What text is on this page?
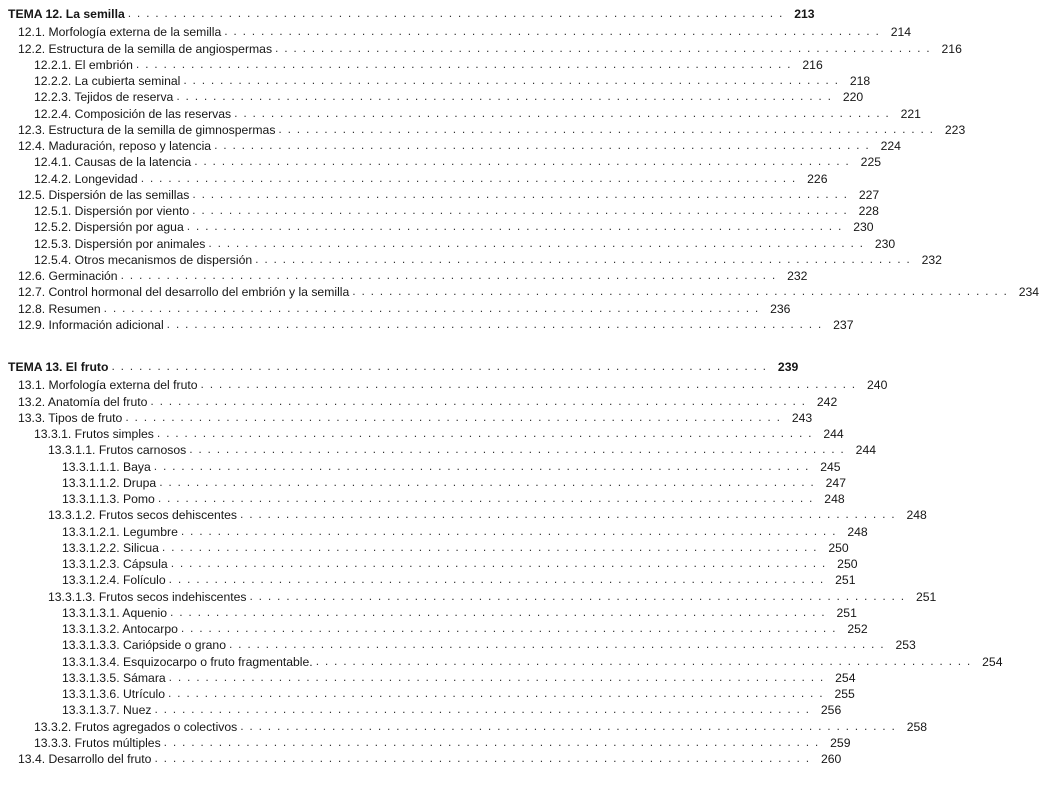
TEMA 12. La semilla . . . . . . . . . . . . . . . . . . . . . . . . . . . . . . . . . . . . . . . . . . . . . . . . . . . . . . . . . . . . . . . . . . . . . . . . 213
12.1. Morfología externa de la semilla . . . . . . . . . . . . . . . . . . . . . . . . . . . . . . . . . . . . . . . . . . . . . . . . . . . . . . . . . . . . . . . . . . . . . . . . 214
12.2. Estructura de la semilla de angiospermas . . . . . . . . . . . . . . . . . . . . . . . . . . . . . . . . . . . . . . . . . . . . . . . . . . . . . . . . . . . . . . . . . . . . . . . . 216
12.2.1. El embrión . . . . . . . . . . . . . . . . . . . . . . . . . . . . . . . . . . . . . . . . . . . . . . . . . . . . . . . . . . . . . . . . . . . . . . . . 216
12.2.2. La cubierta seminal . . . . . . . . . . . . . . . . . . . . . . . . . . . . . . . . . . . . . . . . . . . . . . . . . . . . . . . . . . . . . . . . . . . . . . . . 218
12.2.3. Tejidos de reserva . . . . . . . . . . . . . . . . . . . . . . . . . . . . . . . . . . . . . . . . . . . . . . . . . . . . . . . . . . . . . . . . . . . . . . . . 220
12.2.4. Composición de las reservas . . . . . . . . . . . . . . . . . . . . . . . . . . . . . . . . . . . . . . . . . . . . . . . . . . . . . . . . . . . . . . . . . . . . . . . . 221
12.3. Estructura de la semilla de gimnospermas . . . . . . . . . . . . . . . . . . . . . . . . . . . . . . . . . . . . . . . . . . . . . . . . . . . . . . . . . . . . . . . . . . . . . . . . 223
12.4. Maduración, reposo y latencia . . . . . . . . . . . . . . . . . . . . . . . . . . . . . . . . . . . . . . . . . . . . . . . . . . . . . . . . . . . . . . . . . . . . . . . . 224
12.4.1. Causas de la latencia . . . . . . . . . . . . . . . . . . . . . . . . . . . . . . . . . . . . . . . . . . . . . . . . . . . . . . . . . . . . . . . . . . . . . . . . 225
12.4.2. Longevidad . . . . . . . . . . . . . . . . . . . . . . . . . . . . . . . . . . . . . . . . . . . . . . . . . . . . . . . . . . . . . . . . . . . . . . . . 226
12.5. Dispersión de las semillas . . . . . . . . . . . . . . . . . . . . . . . . . . . . . . . . . . . . . . . . . . . . . . . . . . . . . . . . . . . . . . . . . . . . . . . . 227
12.5.1. Dispersión por viento . . . . . . . . . . . . . . . . . . . . . . . . . . . . . . . . . . . . . . . . . . . . . . . . . . . . . . . . . . . . . . . . . . . . . . . . 228
12.5.2. Dispersión por agua . . . . . . . . . . . . . . . . . . . . . . . . . . . . . . . . . . . . . . . . . . . . . . . . . . . . . . . . . . . . . . . . . . . . . . . . 230
12.5.3. Dispersión por animales . . . . . . . . . . . . . . . . . . . . . . . . . . . . . . . . . . . . . . . . . . . . . . . . . . . . . . . . . . . . . . . . . . . . . . . . 230
12.5.4. Otros mecanismos de dispersión . . . . . . . . . . . . . . . . . . . . . . . . . . . . . . . . . . . . . . . . . . . . . . . . . . . . . . . . . . . . . . . . . . . . . . . . 232
12.6. Germinación . . . . . . . . . . . . . . . . . . . . . . . . . . . . . . . . . . . . . . . . . . . . . . . . . . . . . . . . . . . . . . . . . . . . . . . . 232
12.7. Control hormonal del desarrollo del embrión y la semilla . . . . . . . . . . . . . . . . . . . . . . . . . . . . . . . . . . . . . . . . . . . . . . . . . . . . . . . . . . . . . . . . . . . . . . . . 234
12.8. Resumen . . . . . . . . . . . . . . . . . . . . . . . . . . . . . . . . . . . . . . . . . . . . . . . . . . . . . . . . . . . . . . . . . . . . . . . . 236
12.9. Información adicional . . . . . . . . . . . . . . . . . . . . . . . . . . . . . . . . . . . . . . . . . . . . . . . . . . . . . . . . . . . . . . . . . . . . . . . . 237
TEMA 13. El fruto . . . . . . . . . . . . . . . . . . . . . . . . . . . . . . . . . . . . . . . . . . . . . . . . . . . . . . . . . . . . . . . . . . . . . . . . 239
13.1. Morfología externa del fruto . . . . . . . . . . . . . . . . . . . . . . . . . . . . . . . . . . . . . . . . . . . . . . . . . . . . . . . . . . . . . . . . . . . . . . . . 240
13.2. Anatomía del fruto . . . . . . . . . . . . . . . . . . . . . . . . . . . . . . . . . . . . . . . . . . . . . . . . . . . . . . . . . . . . . . . . . . . . . . . . 242
13.3. Tipos de fruto . . . . . . . . . . . . . . . . . . . . . . . . . . . . . . . . . . . . . . . . . . . . . . . . . . . . . . . . . . . . . . . . . . . . . . . . 243
13.3.1. Frutos simples . . . . . . . . . . . . . . . . . . . . . . . . . . . . . . . . . . . . . . . . . . . . . . . . . . . . . . . . . . . . . . . . . . . . . . . . 244
13.3.1.1. Frutos carnosos . . . . . . . . . . . . . . . . . . . . . . . . . . . . . . . . . . . . . . . . . . . . . . . . . . . . . . . . . . . . . . . . . . . . . . . . 244
13.3.1.1.1. Baya . . . . . . . . . . . . . . . . . . . . . . . . . . . . . . . . . . . . . . . . . . . . . . . . . . . . . . . . . . . . . . . . . . . . . . . . 245
13.3.1.1.2. Drupa . . . . . . . . . . . . . . . . . . . . . . . . . . . . . . . . . . . . . . . . . . . . . . . . . . . . . . . . . . . . . . . . . . . . . . . . 247
13.3.1.1.3. Pomo . . . . . . . . . . . . . . . . . . . . . . . . . . . . . . . . . . . . . . . . . . . . . . . . . . . . . . . . . . . . . . . . . . . . . . . . 248
13.3.1.2. Frutos secos dehiscentes . . . . . . . . . . . . . . . . . . . . . . . . . . . . . . . . . . . . . . . . . . . . . . . . . . . . . . . . . . . . . . . . . . . . . . . . 248
13.3.1.2.1. Legumbre . . . . . . . . . . . . . . . . . . . . . . . . . . . . . . . . . . . . . . . . . . . . . . . . . . . . . . . . . . . . . . . . . . . . . . . . 248
13.3.1.2.2. Silicua . . . . . . . . . . . . . . . . . . . . . . . . . . . . . . . . . . . . . . . . . . . . . . . . . . . . . . . . . . . . . . . . . . . . . . . . 250
13.3.1.2.3. Cápsula . . . . . . . . . . . . . . . . . . . . . . . . . . . . . . . . . . . . . . . . . . . . . . . . . . . . . . . . . . . . . . . . . . . . . . . . 250
13.3.1.2.4. Folículo . . . . . . . . . . . . . . . . . . . . . . . . . . . . . . . . . . . . . . . . . . . . . . . . . . . . . . . . . . . . . . . . . . . . . . . . 251
13.3.1.3. Frutos secos indehiscentes . . . . . . . . . . . . . . . . . . . . . . . . . . . . . . . . . . . . . . . . . . . . . . . . . . . . . . . . . . . . . . . . . . . . . . . . 251
13.3.1.3.1. Aquenio . . . . . . . . . . . . . . . . . . . . . . . . . . . . . . . . . . . . . . . . . . . . . . . . . . . . . . . . . . . . . . . . . . . . . . . . 251
13.3.1.3.2. Antocarpo . . . . . . . . . . . . . . . . . . . . . . . . . . . . . . . . . . . . . . . . . . . . . . . . . . . . . . . . . . . . . . . . . . . . . . . . 252
13.3.1.3.3. Cariópside o grano . . . . . . . . . . . . . . . . . . . . . . . . . . . . . . . . . . . . . . . . . . . . . . . . . . . . . . . . . . . . . . . . . . . . . . . . 253
13.3.1.3.4. Esquizocarpo o fruto fragmentable. . . . . . . . . . . . . . . . . . . . . . . . . . . . . . . . . . . . . . . . . . . . . . . . . . . . . . . . . . . . . . . . . . . . . . . . . 254
13.3.1.3.5. Sámara . . . . . . . . . . . . . . . . . . . . . . . . . . . . . . . . . . . . . . . . . . . . . . . . . . . . . . . . . . . . . . . . . . . . . . . . 254
13.3.1.3.6. Utrículo . . . . . . . . . . . . . . . . . . . . . . . . . . . . . . . . . . . . . . . . . . . . . . . . . . . . . . . . . . . . . . . . . . . . . . . . 255
13.3.1.3.7. Nuez . . . . . . . . . . . . . . . . . . . . . . . . . . . . . . . . . . . . . . . . . . . . . . . . . . . . . . . . . . . . . . . . . . . . . . . . 256
13.3.2. Frutos agregados o colectivos . . . . . . . . . . . . . . . . . . . . . . . . . . . . . . . . . . . . . . . . . . . . . . . . . . . . . . . . . . . . . . . . . . . . . . . . 258
13.3.3. Frutos múltiples . . . . . . . . . . . . . . . . . . . . . . . . . . . . . . . . . . . . . . . . . . . . . . . . . . . . . . . . . . . . . . . . . . . . . . . . 259
13.4. Desarrollo del fruto . . . . . . . . . . . . . . . . . . . . . . . . . . . . . . . . . . . . . . . . . . . . . . . . . . . . . . . . . . . . . . . . . . . . . . . . 260
